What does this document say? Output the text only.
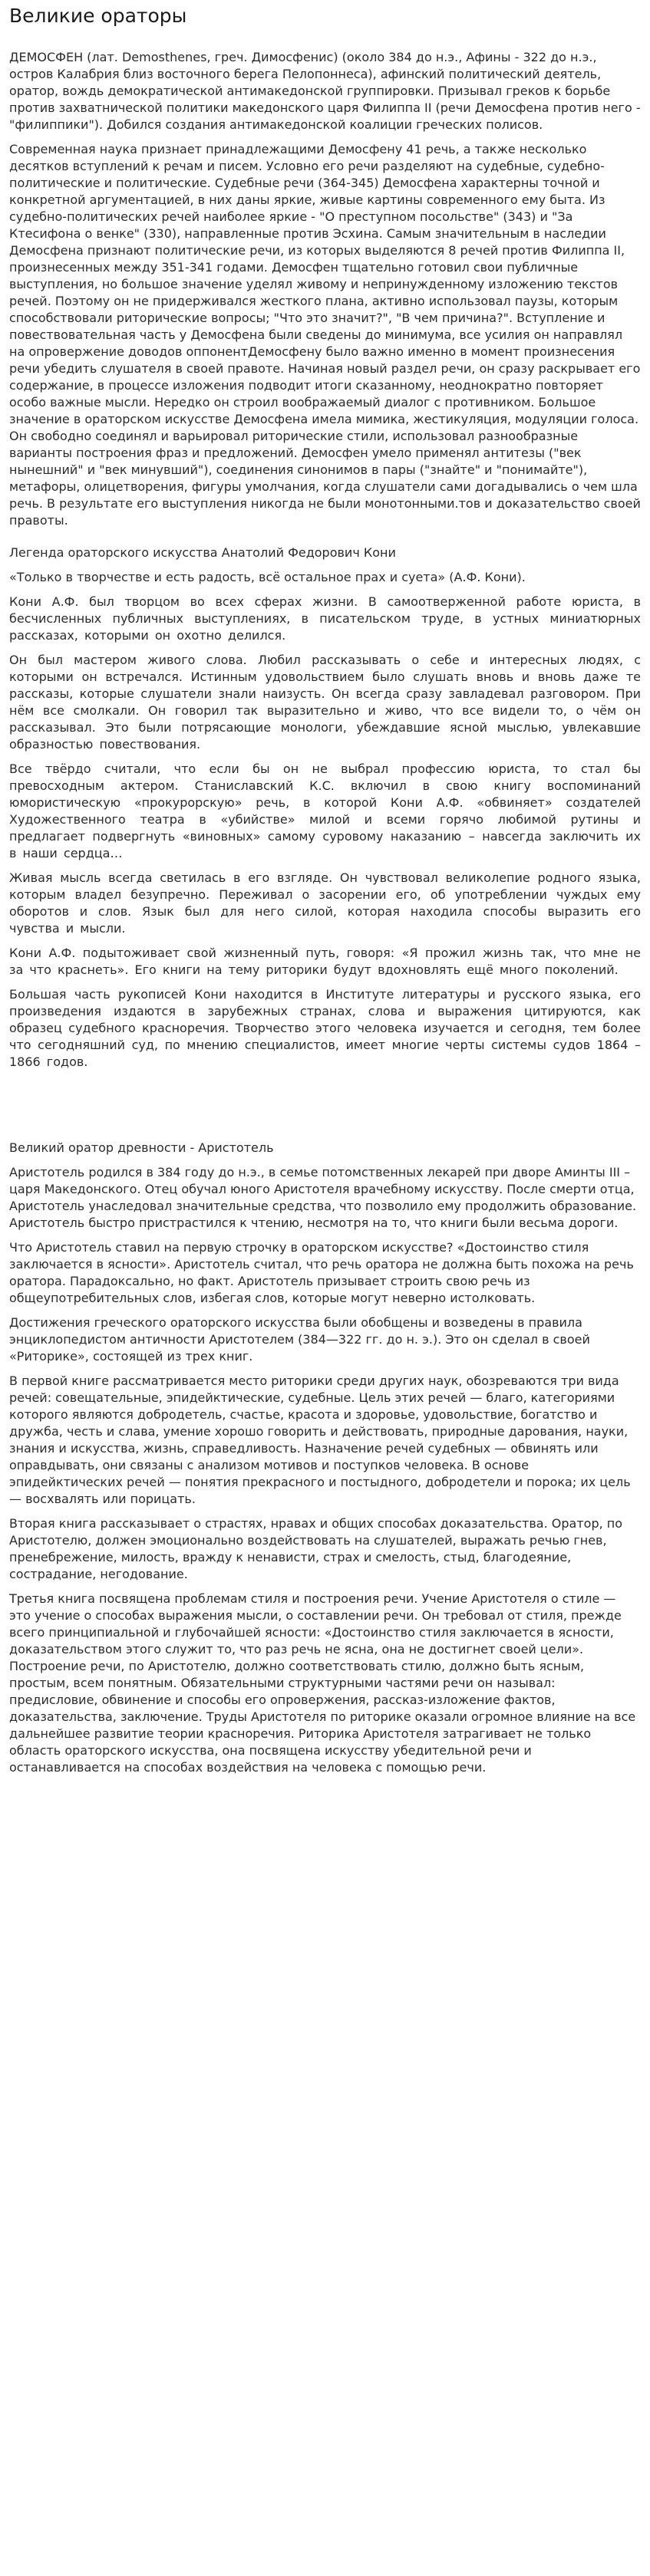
Великие ораторы

ДЕМОСФЕН (лат. Demosthenes, греч. Димосфенис) (около 384 до н.э., Афины - 322 до н.э., остров Калабрия близ восточного берега Пелопоннеса), афинский политический деятель, оратор, вождь демократической антимакедонской группировки. Призывал греков к борьбе против захватнической политики македонского царя Филиппа II (речи Демосфена против него - "филиппики"). Добился создания антимакедонской коалиции греческих полисов.

Современная наука признает принадлежащими Демосфену 41 речь, а также несколько десятков вступлений к речам и писем. Условно его речи разделяют на судебные, судебно-политические и политические. Судебные речи (364-345) Демосфена характерны точной и конкретной аргументацией, в них даны яркие, живые картины современного ему быта. Из судебно-политических речей наиболее яркие - "О преступном посольстве" (343) и "За Ктесифона о венке" (330), направленные против Эсхина. Самым значительным в наследии Демосфена признают политические речи, из которых выделяются 8 речей против Филиппа II, произнесенных между 351-341 годами. Демосфен тщательно готовил свои публичные выступления, но большое значение уделял живому и непринужденному изложению текстов речей. Поэтому он не придерживался жесткого плана, активно использовал паузы, которым способствовали риторические вопросы; "Что это значит?", "В чем причина?". Вступление и повествовательная часть у Демосфена были сведены до минимума, все усилия он направлял на опровержение доводов оппонентДемосфену было важно именно в момент произнесения речи убедить слушателя в своей правоте. Начиная новый раздел речи, он сразу раскрывает его содержание, в процессе изложения подводит итоги сказанному, неоднократно повторяет особо важные мысли. Нередко он строил воображаемый диалог с противником. Большое значение в ораторском искусстве Демосфена имела мимика, жестикуляция, модуляции голоса. Он свободно соединял и варьировал риторические стили, использовал разнообразные варианты построения фраз и предложений. Демосфен умело применял антитезы ("век нынешний" и "век минувший"), соединения синонимов в пары ("знайте" и "понимайте"), метафоры, олицетворения, фигуры умолчания, когда слушатели сами догадывались о чем шла речь. В результате его выступления никогда не были монотонными.тов и доказательство своей правоты.

Легенда ораторского искусства Анатолий Федорович Кони

«Только в творчестве и есть радость, всё остальное прах и суета» (А.Ф. Кони).

Кони А.Ф. был творцом во всех сферах жизни. В самоотверженной работе юриста, в бесчисленных публичных выступлениях, в писательском труде, в устных миниатюрных рассказах, которыми он охотно делился.

Он был мастером живого слова. Любил рассказывать о себе и интересных людях, с которыми он встречался. Истинным удовольствием было слушать вновь и вновь даже те рассказы, которые слушатели знали наизусть. Он всегда сразу завладевал разговором. При нём все смолкали. Он говорил так выразительно и живо, что все видели то, о чём он рассказывал. Это были потрясающие монологи, убеждавшие ясной мыслью, увлекавшие образностью повествования.

Все твёрдо считали, что если бы он не выбрал профессию юриста, то стал бы превосходным актером. Станиславский К.С. включил в свою книгу воспоминаний юмористическую «прокурорскую» речь, в которой Кони А.Ф. «обвиняет» создателей Художественного театра в «убийстве» милой и всеми горячо любимой рутины и предлагает подвергнуть «виновных» самому суровому наказанию – навсегда заключить их в наши сердца…

Живая мысль всегда светилась в его взгляде. Он чувствовал великолепие родного языка, которым владел безупречно. Переживал о засорении его, об употреблении чуждых ему оборотов и слов. Язык был для него силой, которая находила способы выразить его чувства и мысли.

Кони А.Ф. подытоживает свой жизненный путь, говоря: «Я прожил жизнь так, что мне не за что краснеть». Его книги на тему риторики будут вдохновлять ещё много поколений.

Большая часть рукописей Кони находится в Институте литературы и русского языка, его произведения издаются в зарубежных странах, слова и выражения цитируются, как образец судебного красноречия. Творчество этого человека изучается и сегодня, тем более что сегодняшний суд, по мнению специалистов, имеет многие черты системы судов 1864 – 1866 годов.

Великий оратор древности - Аристотель

Аристотель родился в 384 году до н.э., в семье потомственных лекарей при дворе Аминты III – царя Македонского. Отец обучал юного Аристотеля врачебному искусству. После смерти отца, Аристотель унаследовал значительные средства, что позволило ему продолжить образование. Аристотель быстро пристрастился к чтению, несмотря на то, что книги были весьма дороги.

Что Аристотель ставил на первую строчку в ораторском искусстве? «Достоинство стиля заключается в ясности». Аристотель считал, что речь оратора не должна быть похожа на речь оратора. Парадоксально, но факт. Аристотель призывает строить свою речь из общеупотребительных слов, избегая слов, которые могут неверно истолковать.

Достижения греческого ораторского искусства были обобщены и возведены в правила энциклопедистом античности Аристотелем (384—322 гг. до н. э.). Это он сделал в своей «Риторике», состоящей из трех книг.

В первой книге рассматривается место риторики среди других наук, обозреваются три вида речей: совещательные, эпидейктические, судебные. Цель этих речей — благо, категориями которого являются добродетель, счастье, красота и здоровье, удовольствие, богатство и дружба, честь и слава, умение хорошо говорить и действовать, природные дарования, науки, знания и искусства, жизнь, справедливость. Назначение речей судебных — обвинять или оправдывать, они связаны с анализом мотивов и поступков человека. В основе эпидейктических речей — понятия прекрасного и постыдного, добродетели и порока; их цель — восхвалять или порицать.

Вторая книга рассказывает о страстях, нравах и общих способах доказательства. Оратор, по Аристотелю, должен эмоционально воздействовать на слушателей, выражать речью гнев, пренебрежение, милость, вражду к ненависти, страх и смелость, стыд, благодеяние, сострадание, негодование.

Третья книга посвящена проблемам стиля и построения речи. Учение Аристотеля о стиле — это учение о способах выражения мысли, о составлении речи. Он требовал от стиля, прежде всего принципиальной и глубочайшей ясности: «Достоинство стиля заключается в ясности, доказательством этого служит то, что раз речь не ясна, она не достигнет своей цели». Построение речи, по Аристотелю, должно соответствовать стилю, должно быть ясным, простым, всем понятным. Обязательными структурными частями речи он называл: предисловие, обвинение и способы его опровержения, рассказ-изложение фактов, доказательства, заключение. Труды Аристотеля по риторике оказали огромное влияние на все дальнейшее развитие теории красноречия. Риторика Аристотеля затрагивает не только область ораторского искусства, она посвящена искусству убедительной речи и останавливается на способах воздействия на человека с помощью речи.
